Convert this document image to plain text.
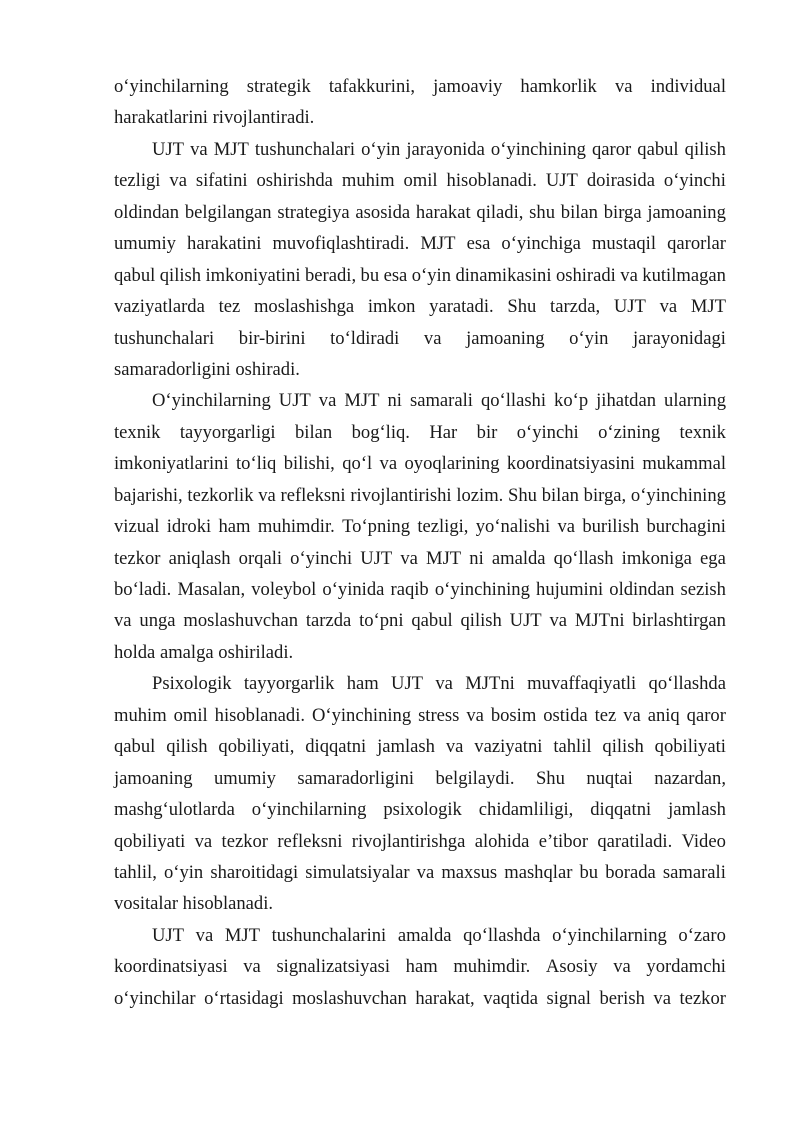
o‘yinchilarning strategik tafakkurini, jamoaviy hamkorlik va individual
harakatlarini rivojlantiradi.
UJT va MJT tushunchalari o‘yin jarayonida o‘yinchining qaror qabul qilish
tezligi va sifatini oshirishda muhim omil hisoblanadi. UJT doirasida o‘yinchi
oldindan belgilangan strategiya asosida harakat qiladi, shu bilan birga jamoaning
umumiy harakatini muvofiqlashtiradi. MJT esa o‘yinchiga mustaqil qarorlar
qabul qilish imkoniyatini beradi, bu esa o‘yin dinamikasini oshiradi va kutilmagan
vaziyatlarda tez moslashishga imkon yaratadi. Shu tarzda, UJT va MJT
tushunchalari bir-birini to‘ldiradi va jamoaning o‘yin jarayonidagi
samaradorligini oshiradi.
O‘yinchilarning UJT va MJT ni samarali qo‘llashi ko‘p jihatdan ularning
texnik tayyorgarligi bilan bog‘liq. Har bir o‘yinchi o‘zining texnik
imkoniyatlarini to‘liq bilishi, qo‘l va oyoqlarining koordinatsiyasini mukammal
bajarishi, tezkorlik va refleksni rivojlantirishi lozim. Shu bilan birga, o‘yinchining
vizual idroki ham muhimdir. To‘pning tezligi, yo‘nalishi va burilish burchagini
tezkor aniqlash orqali o‘yinchi UJT va MJT ni amalda qo‘llash imkoniga ega
bo‘ladi. Masalan, voleybol o‘yinida raqib o‘yinchining hujumini oldindan sezish
va unga moslashuvchan tarzda to‘pni qabul qilish UJT va MJTni birlashtirgan
holda amalga oshiriladi.
Psixologik tayyorgarlik ham UJT va MJTni muvaffaqiyatli qo‘llashda
muhim omil hisoblanadi. O‘yinchining stress va bosim ostida tez va aniq qaror
qabul qilish qobiliyati, diqqatni jamlash va vaziyatni tahlil qilish qobiliyati
jamoaning umumiy samaradorligini belgilaydi. Shu nuqtai nazardan,
mashg‘ulotlarda o‘yinchilarning psixologik chidamliligi, diqqatni jamlash
qobiliyati va tezkor refleksni rivojlantirishga alohida e’tibor qaratiladi. Video
tahlil, o‘yin sharoitidagi simulatsiyalar va maxsus mashqlar bu borada samarali
vositalar hisoblanadi.
UJT va MJT tushunchalarini amalda qo‘llashda o‘yinchilarning o‘zaro
koordinatsiyasi va signalizatsiyasi ham muhimdir. Asosiy va yordamchi
o‘yinchilar o‘rtasidagi moslashuvchan harakat, vaqtida signal berish va tezkor
